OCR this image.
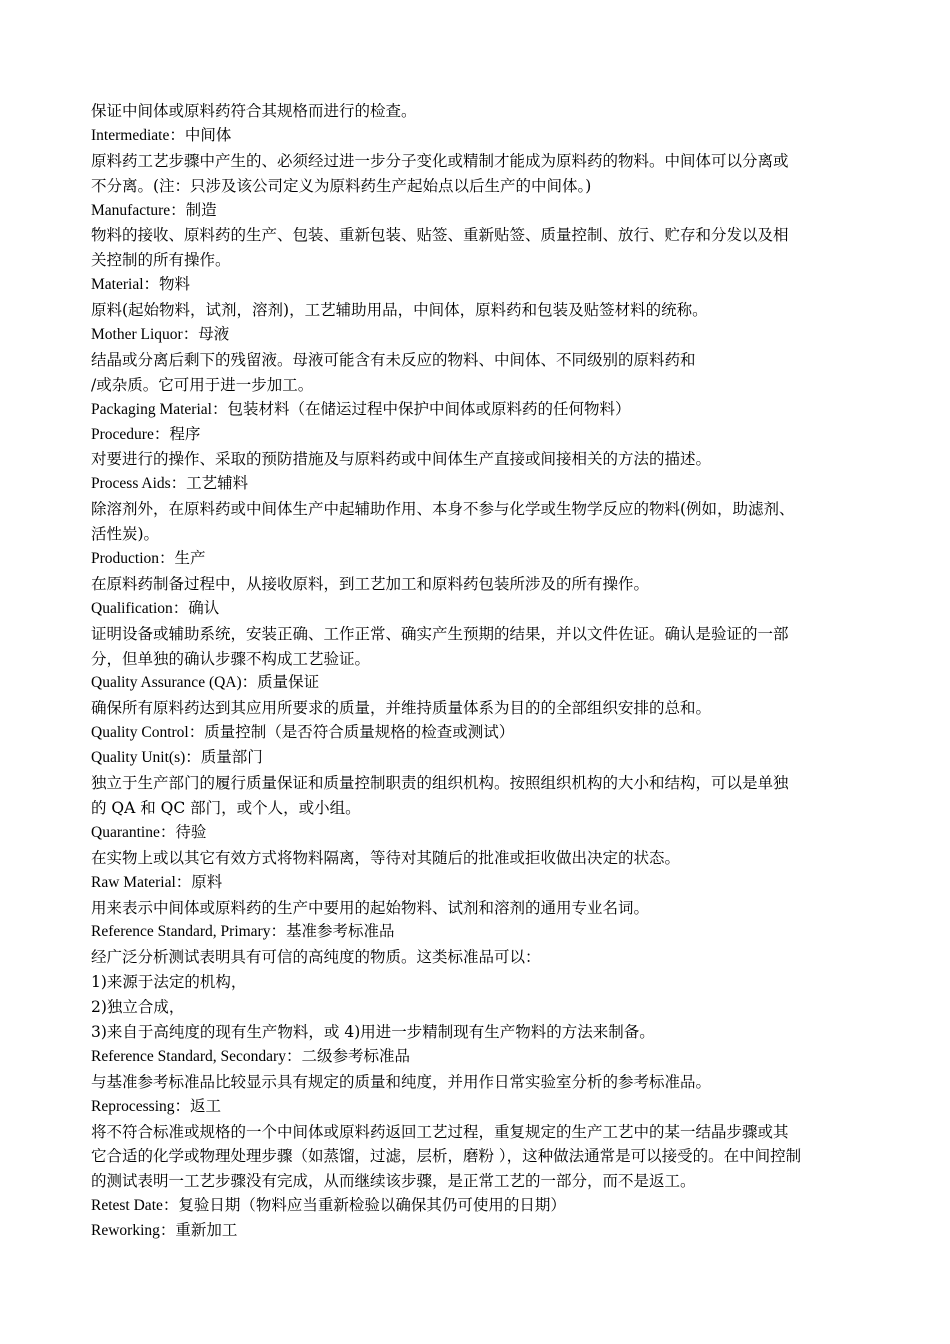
保证中间体或原料药符合其规格而进行的检查。
Intermediate：中间体
原料药工艺步骤中产生的、必须经过进一步分子变化或精制才能成为原料药的物料。中间体可以分离或
不分离。(注：只涉及该公司定义为原料药生产起始点以后生产的中间体。)
Manufacture：制造
物料的接收、原料药的生产、包装、重新包装、贴签、重新贴签、质量控制、放行、贮存和分发以及相
关控制的所有操作。
Material：物料
原料(起始物料，试剂，溶剂)，工艺辅助用品，中间体，原料药和包装及贴签材料的统称。
Mother Liquor：母液
结晶或分离后剩下的残留液。母液可能含有未反应的物料、中间体、不同级别的原料药和
/或杂质。它可用于进一步加工。
Packaging Material：包装材料（在储运过程中保护中间体或原料药的任何物料）
Procedure：程序
对要进行的操作、采取的预防措施及与原料药或中间体生产直接或间接相关的方法的描述。
Process Aids：工艺辅料
除溶剂外，在原料药或中间体生产中起辅助作用、本身不参与化学或生物学反应的物料(例如，助滤剂、
活性炭)。
Production：生产
在原料药制备过程中，从接收原料，到工艺加工和原料药包装所涉及的所有操作。
Qualification：确认
证明设备或辅助系统，安装正确、工作正常、确实产生预期的结果，并以文件佐证。确认是验证的一部
分，但单独的确认步骤不构成工艺验证。
Quality Assurance (QA)：质量保证
确保所有原料药达到其应用所要求的质量，并维持质量体系为目的的全部组织安排的总和。
Quality Control：质量控制（是否符合质量规格的检查或测试）
Quality Unit(s)：质量部门
独立于生产部门的履行质量保证和质量控制职责的组织机构。按照组织机构的大小和结构，可以是单独
的 QA 和 QC 部门，或个人，或小组。
Quarantine：待验
在实物上或以其它有效方式将物料隔离，等待对其随后的批准或拒收做出决定的状态。
Raw Material：原料
用来表示中间体或原料药的生产中要用的起始物料、试剂和溶剂的通用专业名词。
Reference Standard, Primary：基准参考标准品
经广泛分析测试表明具有可信的高纯度的物质。这类标准品可以：
1)来源于法定的机构，
2)独立合成，
3)来自于高纯度的现有生产物料，或 4)用进一步精制现有生产物料的方法来制备。
Reference Standard, Secondary：二级参考标准品
与基准参考标准品比较显示具有规定的质量和纯度，并用作日常实验室分析的参考标准品。
Reprocessing：返工
将不符合标准或规格的一个中间体或原料药返回工艺过程，重复规定的生产工艺中的某一结晶步骤或其
它合适的化学或物理处理步骤（如蒸馏，过滤，层析，磨粉 ），这种做法通常是可以接受的。在中间控制
的测试表明一工艺步骤没有完成，从而继续该步骤，是正常工艺的一部分，而不是返工。
Retest Date：复验日期（物料应当重新检验以确保其仍可使用的日期）
Reworking：重新加工
